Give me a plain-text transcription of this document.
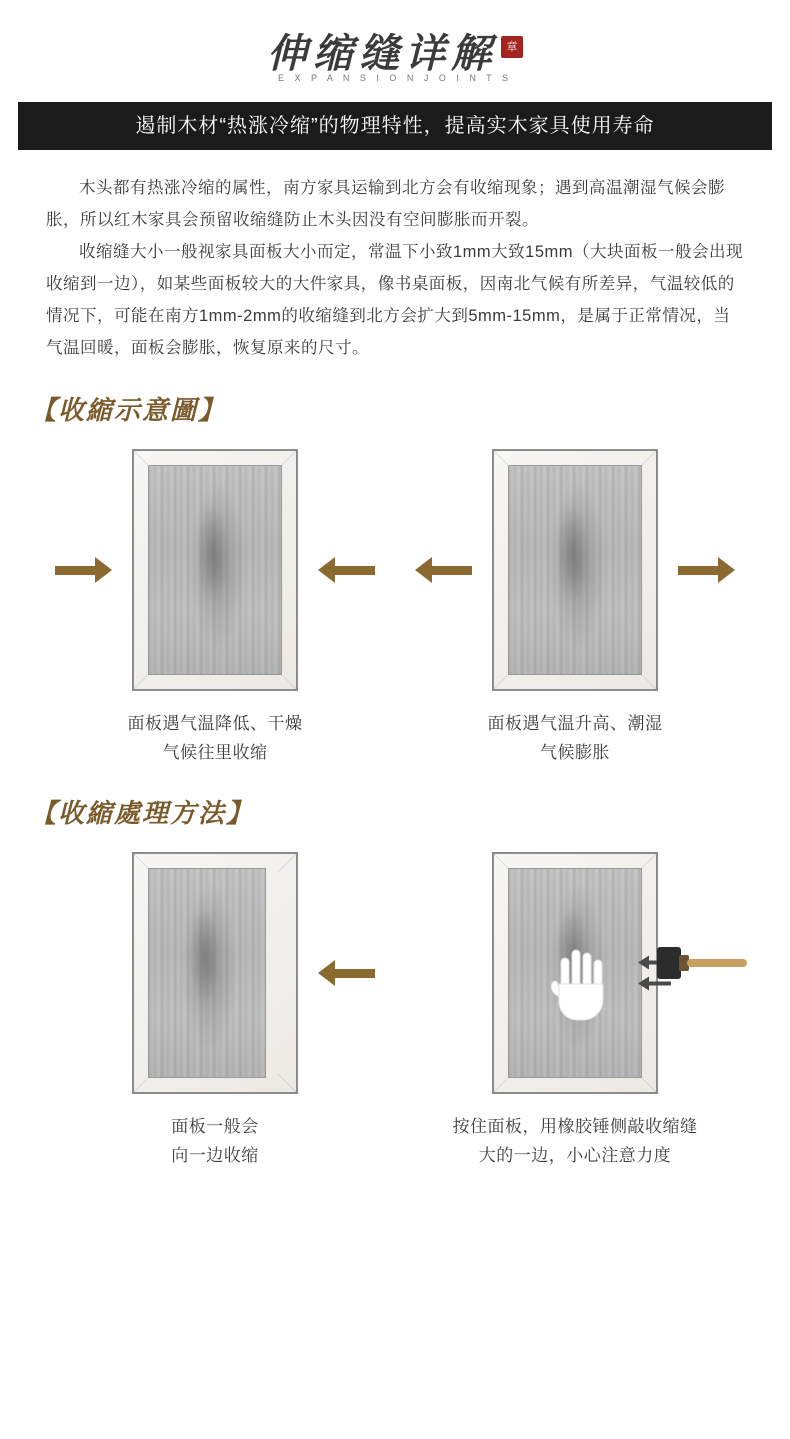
伸缩缝详解 章
E X P A N S I O N J O I N T S
遏制木材“热涨冷缩”的物理特性，提高实木家具使用寿命

木头都有热涨冷缩的属性，南方家具运输到北方会有收缩现象；遇到高温潮湿气候会膨胀，所以红木家具会预留收缩缝防止木头因没有空间膨胀而开裂。

收缩缝大小一般视家具面板大小而定，常温下小致1mm大致15mm（大块面板一般会出现收缩到一边），如某些面板较大的大件家具，像书桌面板，因南北气候有所差异，气温较低的情况下，可能在南方1mm-2mm的收缩缝到北方会扩大到5mm-15mm，是属于正常情况，当气温回暖，面板会膨胀，恢复原来的尺寸。

【收縮示意圖】
面板遇气温降低、干燥
气候往里收缩
面板遇气温升高、潮湿
气候膨胀
【收縮處理方法】
面板一般会
向一边收缩
按住面板，用橡胶锤侧敲收缩缝
大的一边，小心注意力度
